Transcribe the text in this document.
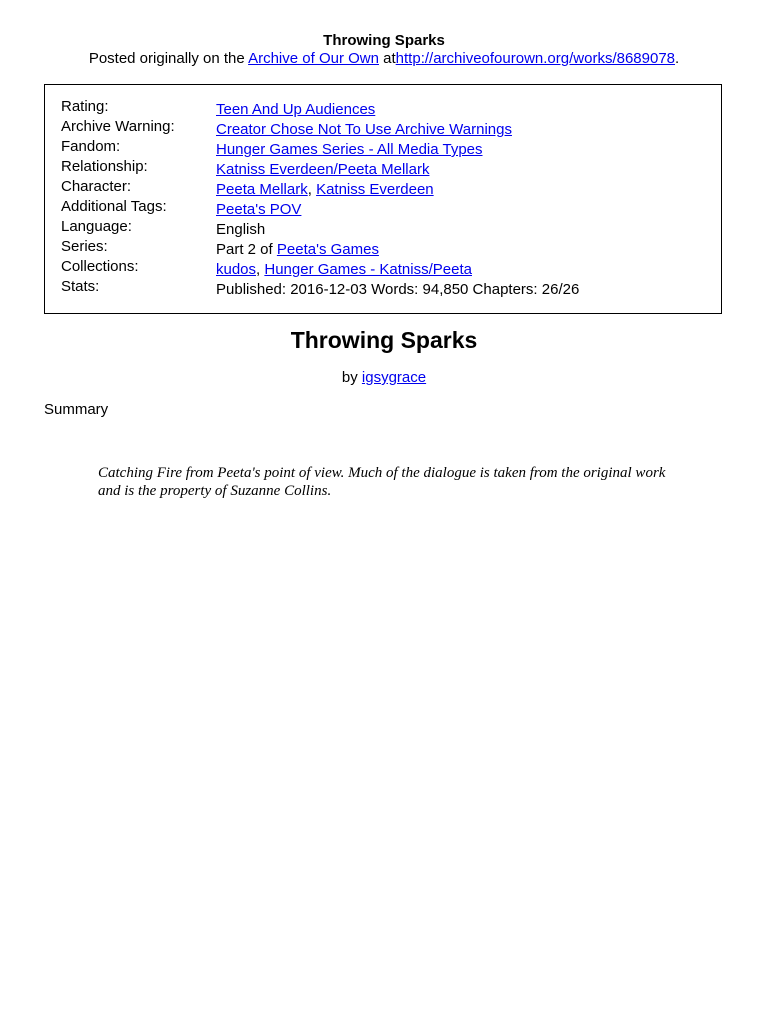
Throwing Sparks
Posted originally on the Archive of Our Own athttp://archiveofourown.org/works/8689078.
Rating:	Teen And Up Audiences
Archive Warning:	Creator Chose Not To Use Archive Warnings
Fandom:	Hunger Games Series - All Media Types
Relationship:	Katniss Everdeen/Peeta Mellark
Character:	Peeta Mellark, Katniss Everdeen
Additional Tags:	Peeta's POV
Language:	English
Series:	Part 2 of Peeta's Games
Collections:	kudos, Hunger Games - Katniss/Peeta
Stats:	Published: 2016-12-03 Words: 94,850 Chapters: 26/26
Throwing Sparks
by igsygrace
Summary
Catching Fire from Peeta's point of view. Much of the dialogue is taken from the original work and is the property of Suzanne Collins.
